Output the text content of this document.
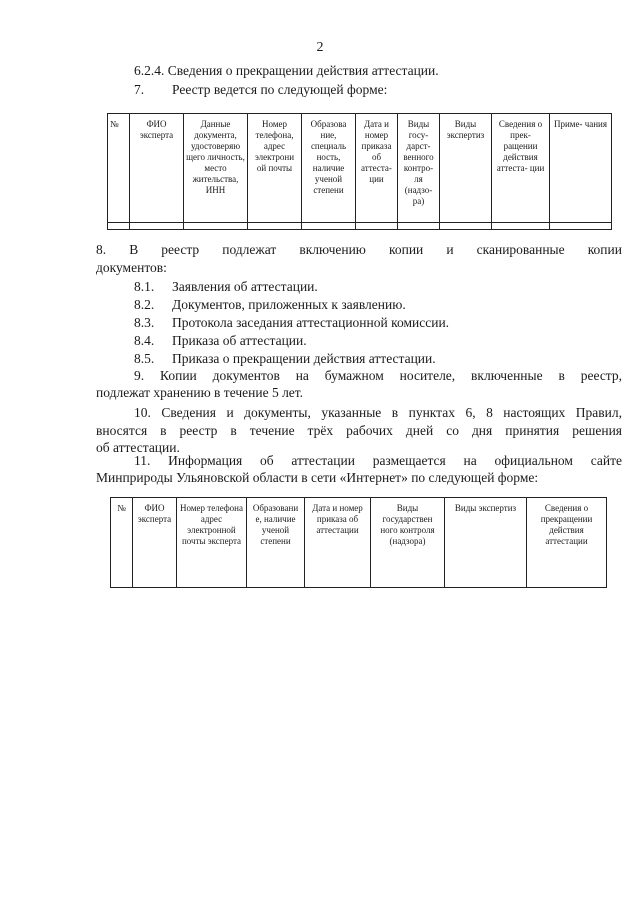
2
6.2.4. Сведения о прекращении действия аттестации.
7. Реестр ведется по следующей форме:
№	ФИО эксперта	Данные документа, удостоверяю щего личность, место жительства, ИНН	Номер телефона, адрес электрони ой почты	Образова ние, специаль ность, наличие ученой степени	Дата и номер приказа об аттеста- ции	Виды госу- дарст- венного контро- ля (надзо- ра)	Виды экспертиз	Сведения о прек- ращении действия аттеста- ции	Приме- чания

8. В реестр подлежат включению копии и сканированные копии
документов:
8.1. Заявления об аттестации.
8.2. Документов, приложенных к заявлению.
8.3. Протокола заседания аттестационной комиссии.
8.4. Приказа об аттестации.
8.5. Приказа о прекращении действия аттестации.
9. Копии документов на бумажном носителе, включенные в реестр,
подлежат хранению в течение 5 лет.
10. Сведения и документы, указанные в пунктах 6, 8 настоящих Правил,
вносятся в реестр в течение трёх рабочих дней со дня принятия решения
об аттестации.
11. Информация об аттестации размещается на официальном сайте
Минприроды Ульяновской области в сети «Интернет» по следующей форме:
№	ФИО эксперта	Номер телефона адрес электронной почты эксперта	Образовани е, наличие ученой степени	Дата и номер приказа об аттестации	Виды государствен ного контроля (надзора)	Виды экспертиз	Сведения о прекращении действия аттестации
